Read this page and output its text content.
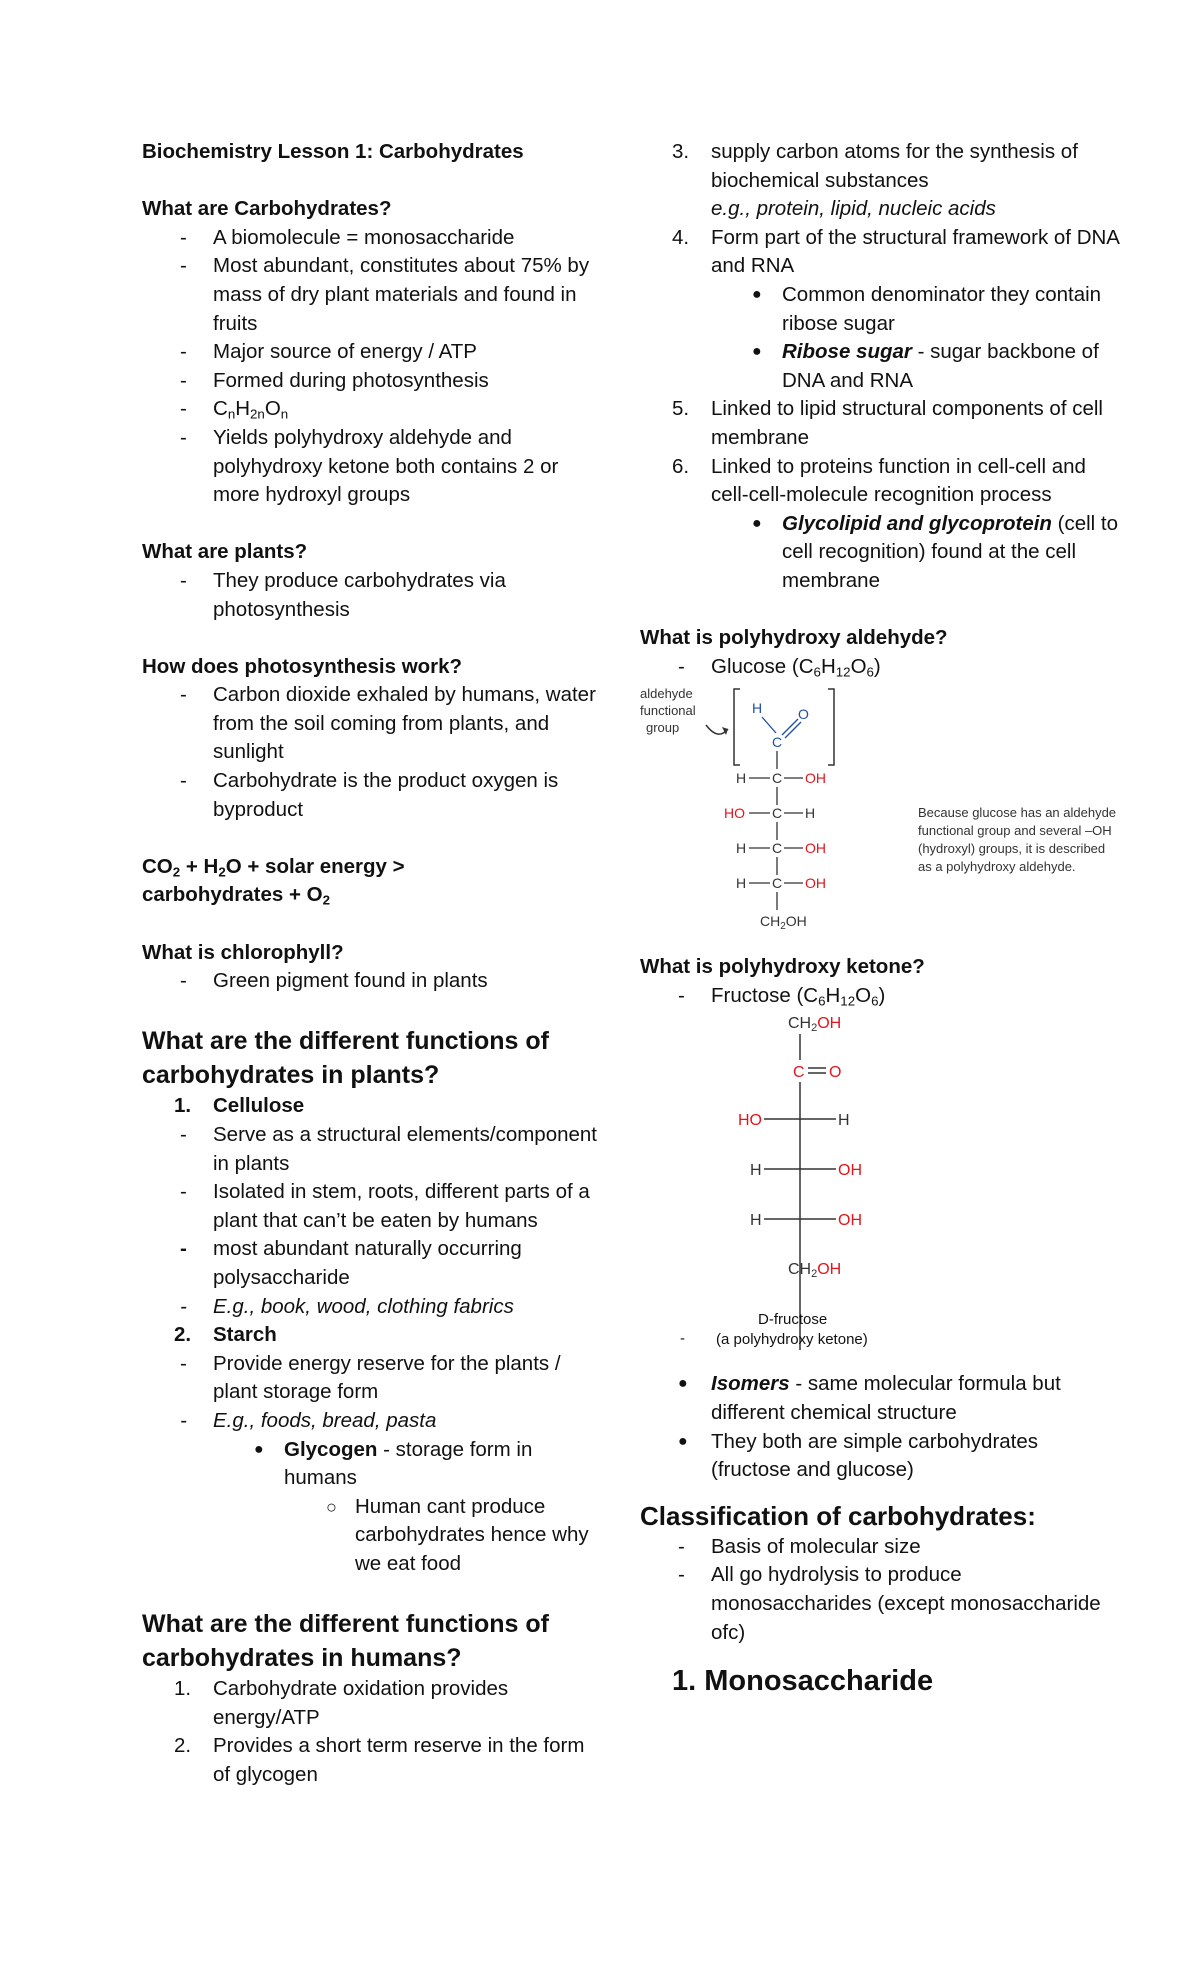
Biochemistry Lesson 1: Carbohydrates
What are Carbohydrates?
- A biomolecule = monosaccharide
- Most abundant, constitutes about 75% by mass of dry plant materials and found in fruits
- Major source of energy / ATP
- Formed during photosynthesis
- $C_nH_{2n}O_n$
- Yields polyhydroxy aldehyde and polyhydroxy ketone both contains 2 or more hydroxyl groups
What are plants?
- They produce carbohydrates via photosynthesis
How does photosynthesis work?
- Carbon dioxide exhaled by humans, water from the soil coming from plants, and sunlight
- Carbohydrate is the product oxygen is byproduct
$CO_2 + H_2O$ + solar energy >
carbohydrates + $O_2$
What is chlorophyll?
- Green pigment found in plants
What are the different functions of carbohydrates in plants?
1. Cellulose
- Serve as a structural elements/component in plants
- Isolated in stem, roots, different parts of a plant that can’t be eaten by humans
- most abundant naturally occurring polysaccharide
- E.g., book, wood, clothing fabrics
2. Starch
- Provide energy reserve for the plants / plant storage form
- E.g., foods, bread, pasta
● Glycogen - storage form in humans
○ Human cant produce carbohydrates hence why we eat food
What are the different functions of carbohydrates in humans?
1. Carbohydrate oxidation provides energy/ATP
2. Provides a short term reserve in the form of glycogen
3. supply carbon atoms for the synthesis of biochemical substances
e.g., protein, lipid, nucleic acids
4. Form part of the structural framework of DNA and RNA
● Common denominator they contain ribose sugar
● Ribose sugar - sugar backbone of DNA and RNA
5. Linked to lipid structural components of cell membrane
6. Linked to proteins function in cell-cell and cell-cell-molecule recognition process
● Glycolipid and glycoprotein (cell to cell recognition) found at the cell membrane
What is polyhydroxy aldehyde?
- Glucose $(C_6H_{12}O_6)$
aldehyde
functional
group
H
C
O
H C OH
HO C H
H C OH
H C OH
$CH_2OH$
Because glucose has an aldehyde
functional group and several –OH
(hydroxyl) groups, it is described
as a polyhydroxy aldehyde.
What is polyhydroxy ketone?
- Fructose $(C_6H_{12}O_6)$
CH2OH
C O
HO	H
H	OH
H	OH
CH2OH
D-fructose
- (a polyhydroxy ketone)
● Isomers - same molecular formula but different chemical structure
● They both are simple carbohydrates (fructose and glucose)
Classification of carbohydrates:
- Basis of molecular size
- All go hydrolysis to produce monosaccharides (except monosaccharide ofc)
1. Monosaccharide
